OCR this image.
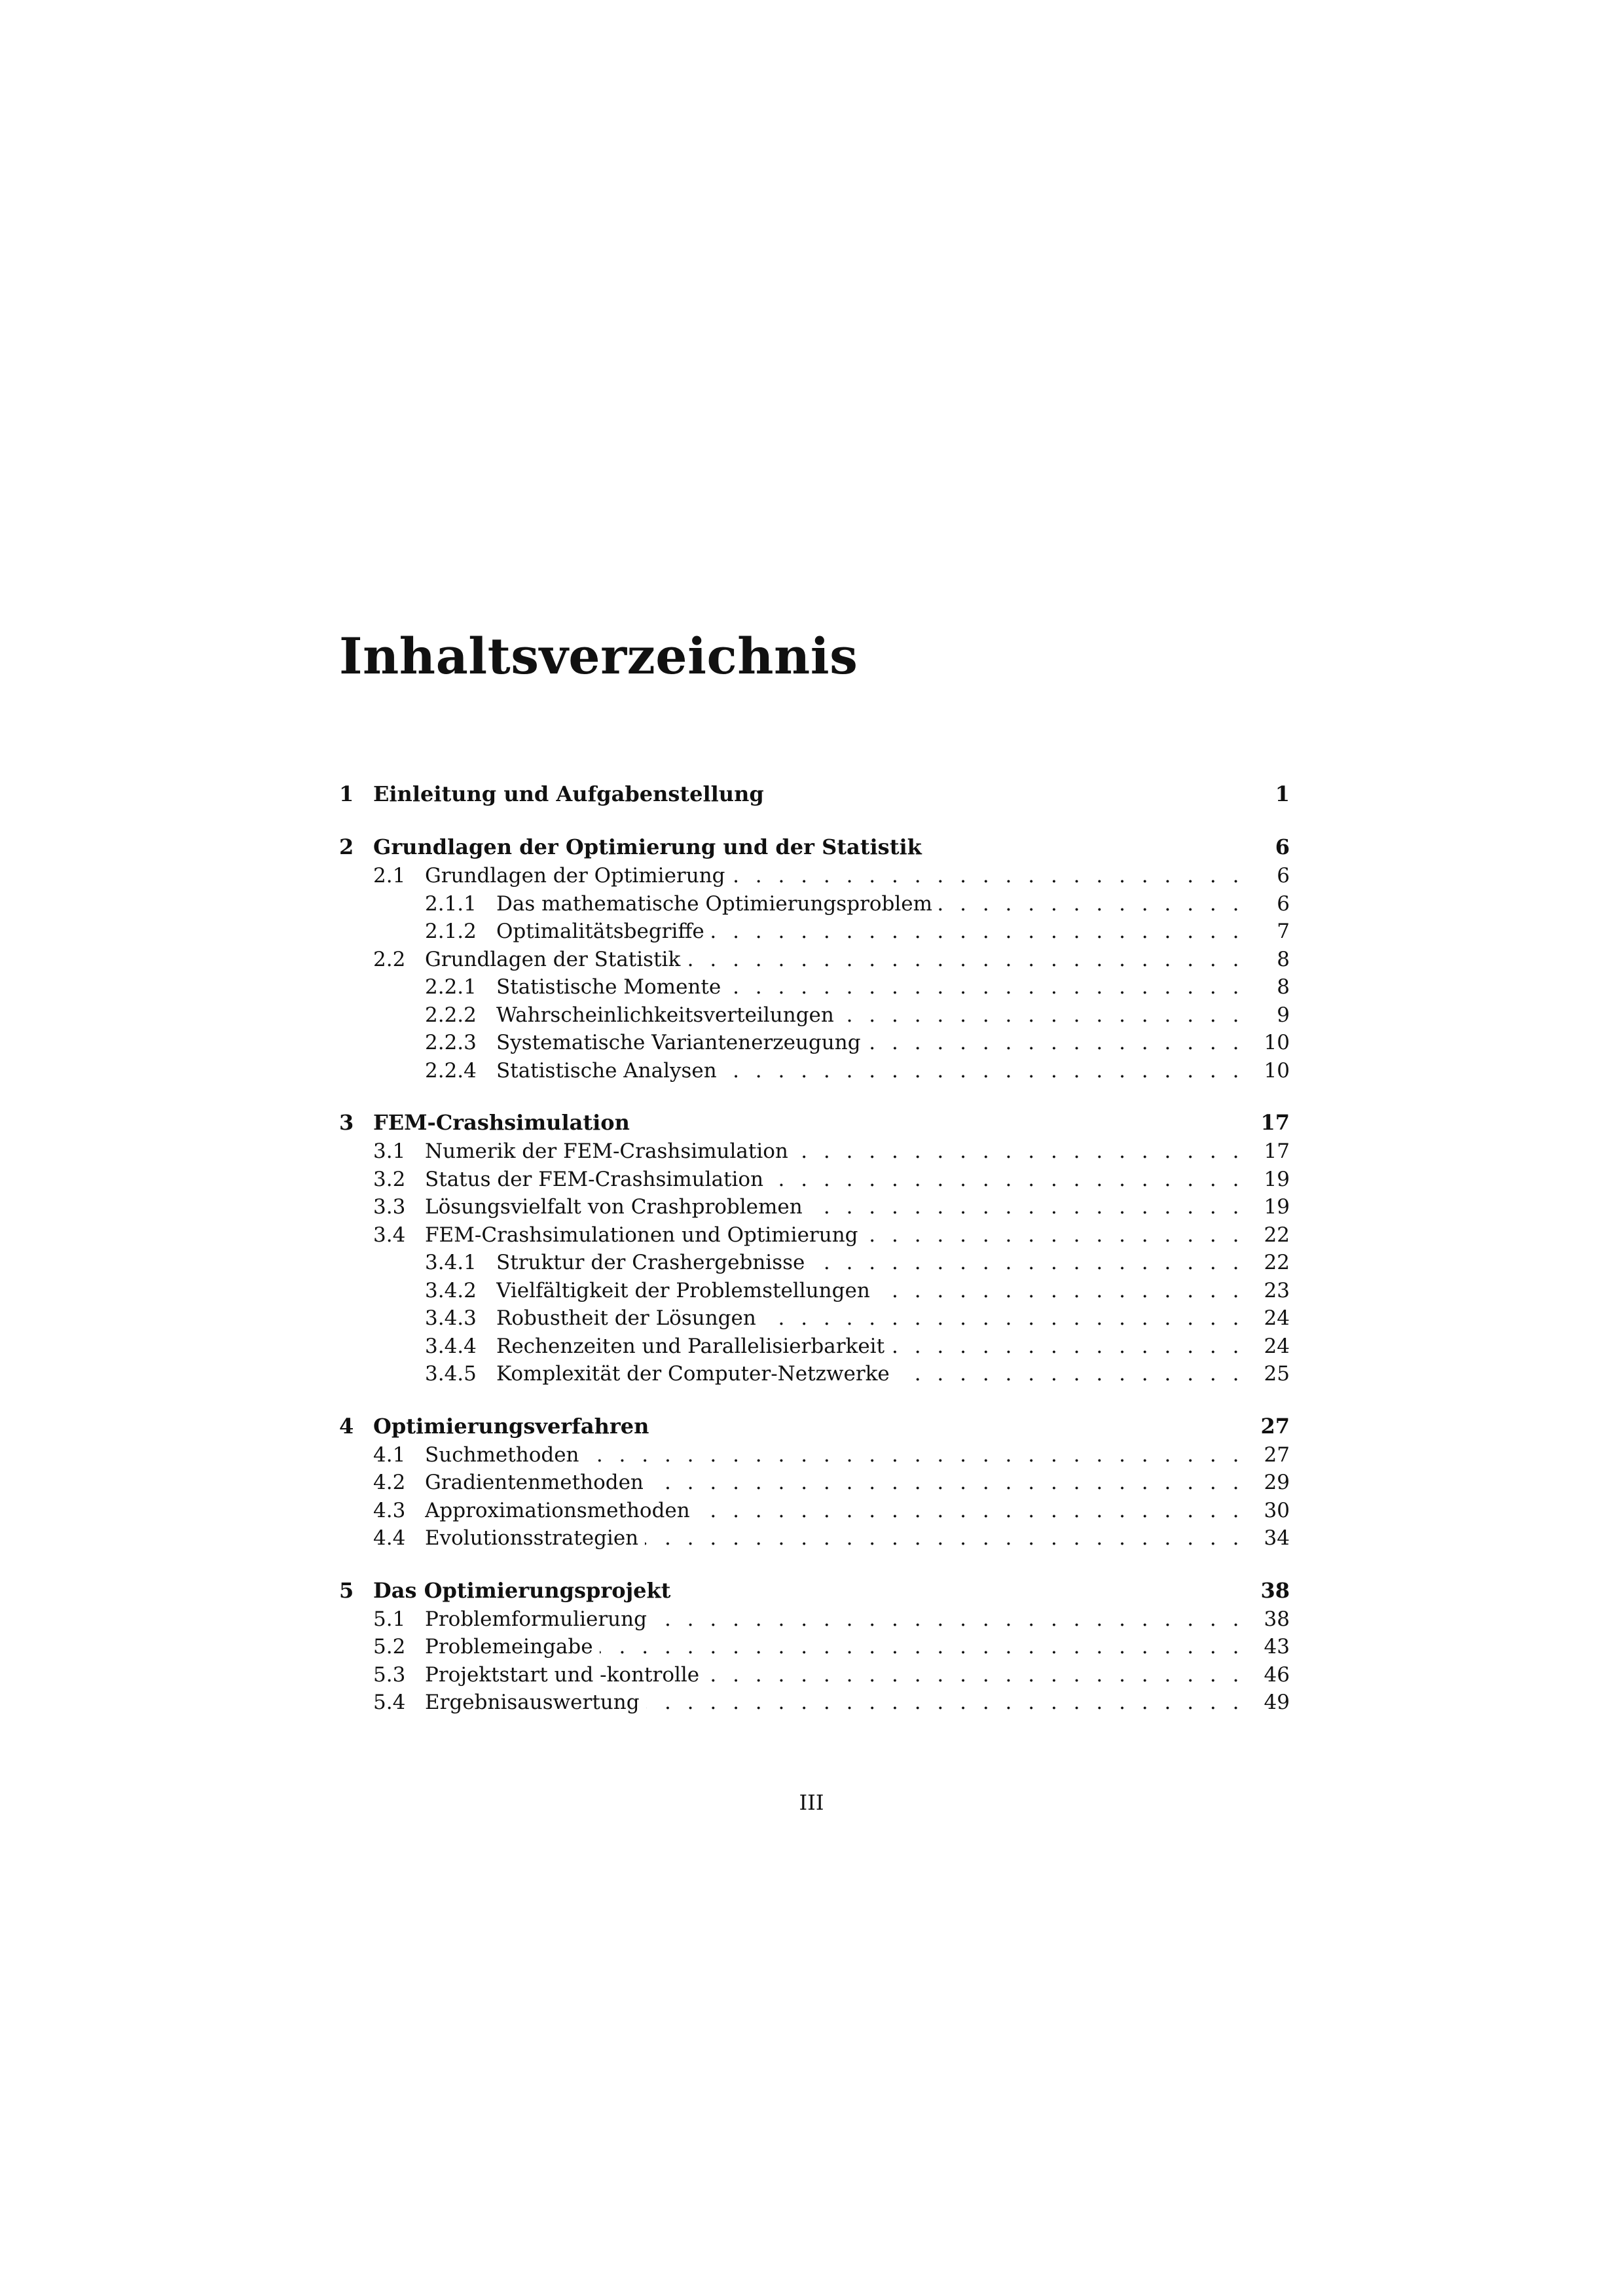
Inhaltsverzeichnis
1 Einleitung und Aufgabenstellung	1
2 Grundlagen der Optimierung und der Statistik	6
2.1 Grundlagen der Optimierung . . .	6
2.1.1 Das mathematische Optimierungsproblem . . .	6
2.1.2 Optimalitätsbegriffe . . .	7
2.2 Grundlagen der Statistik . . .	8
2.2.1 Statistische Momente . . .	8
2.2.2 Wahrscheinlichkeitsverteilungen . . .	9
2.2.3 Systematische Variantenerzeugung . . .	10
2.2.4 Statistische Analysen . . .	10
3 FEM-Crashsimulation	17
3.1 Numerik der FEM-Crashsimulation . . .	17
3.2 Status der FEM-Crashsimulation . . .	19
3.3 Lösungsvielfalt von Crashproblemen . . .	19
3.4 FEM-Crashsimulationen und Optimierung . . .	22
3.4.1 Struktur der Crashergebnisse . . .	22
3.4.2 Vielfältigkeit der Problemstellungen . . .	23
3.4.3 Robustheit der Lösungen . . .	24
3.4.4 Rechenzeiten und Parallelisierbarkeit . . .	24
3.4.5 Komplexität der Computer-Netzwerke . . .	25
4 Optimierungsverfahren	27
4.1 Suchmethoden . . .	27
4.2 Gradientenmethoden . . .	29
4.3 Approximationsmethoden . . .	30
4.4 Evolutionsstrategien . . .	34
5 Das Optimierungsprojekt	38
5.1 Problemformulierung . . .	38
5.2 Problemeingabe . . .	43
5.3 Projektstart und -kontrolle . . .	46
5.4 Ergebnisauswertung . . .	49
III
